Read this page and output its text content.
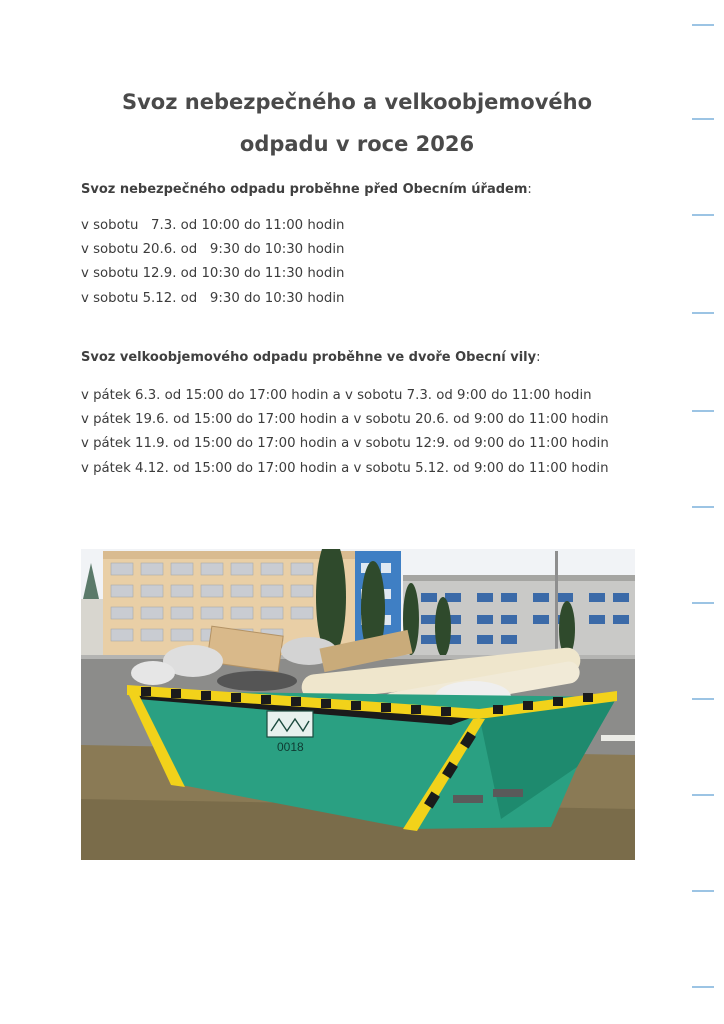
Svoz nebezpečného a velkoobjemového
odpadu v roce 2026
Svoz nebezpečného odpadu proběhne před Obecním úřadem:
v sobotu   7.3. od 10:00 do 11:00 hodin
v sobotu 20.6. od   9:30 do 10:30 hodin
v sobotu 12.9. od 10:30 do 11:30 hodin
v sobotu 5.12. od   9:30 do 10:30 hodin
Svoz velkoobjemového odpadu proběhne ve dvoře Obecní vily:
v pátek 6.3. od 15:00 do 17:00 hodin a v sobotu 7.3. od 9:00 do 11:00 hodin
v pátek 19.6. od 15:00 do 17:00 hodin a v sobotu 20.6. od 9:00 do 11:00 hodin
v pátek 11.9. od 15:00 do 17:00 hodin a v sobotu 12:9. od 9:00 do 11:00 hodin
v pátek 4.12. od 15:00 do 17:00 hodin a v sobotu 5.12. od 9:00 do 11:00 hodin
0018
